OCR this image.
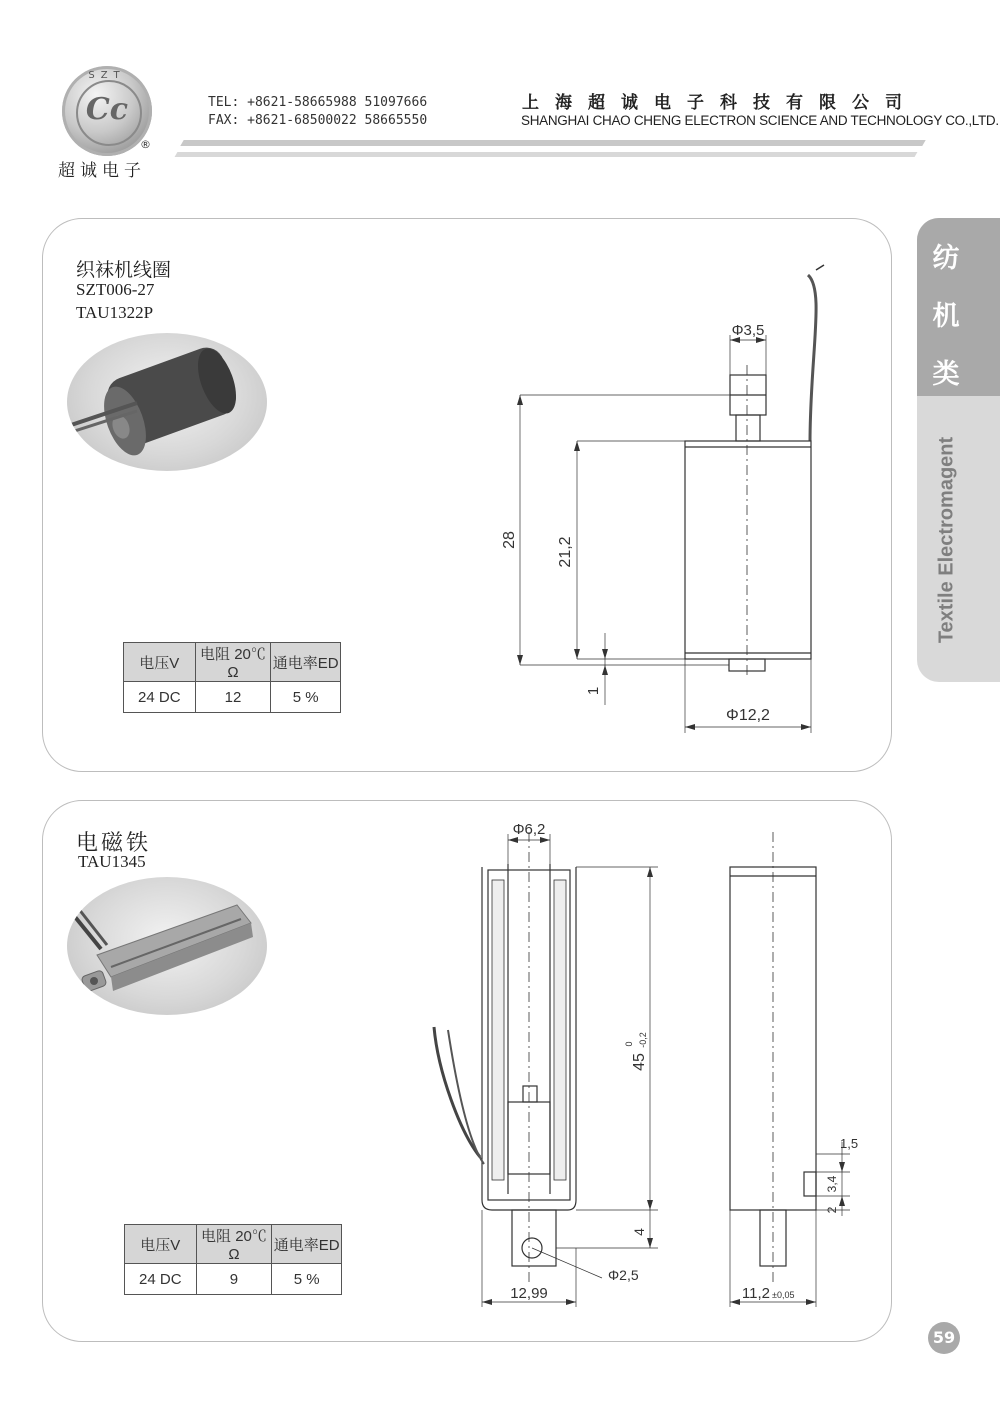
SZT
Cc
®
超诚电子
TEL: +8621-58665988 51097666
FAX: +8621-68500022 58665550
上海超诚电子科技有限公司
SHANGHAI CHAO CHENG ELECTRON SCIENCE AND TECHNOLOGY CO.,LTD.
纺
机
类
Textile Electromagent
织袜机线圈
SZT006-27
TAU1322P
电压V	电阻 20℃ Ω	通电率ED
24 DC	12	5 %
Φ3,5
28 21,2
1
Φ12,2
电磁铁
TAU1345
电压V	电阻 20℃ Ω	通电率ED
24 DC	9	5 %
Φ6,2
45
0 -0,2
4
Φ2,5
12,99
1,5
2
3,4
11,2 ±0,05
59
